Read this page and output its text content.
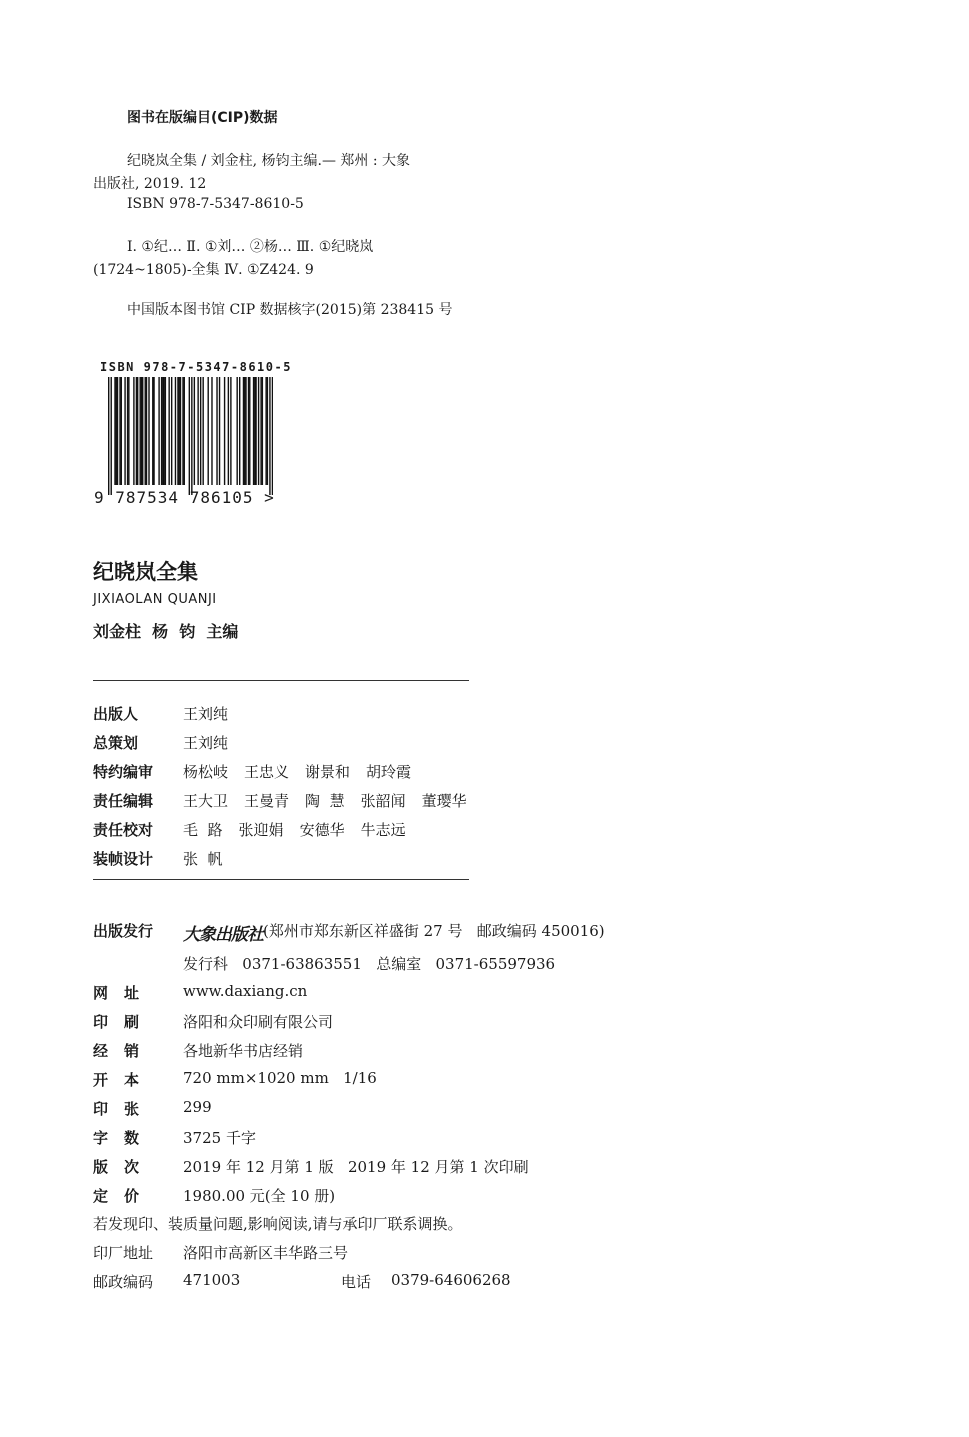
图书在版编目(CIP)数据
纪晓岚全集 / 刘金柱, 杨钧主编.— 郑州 : 大象
出版社, 2019. 12
ISBN 978-7-5347-8610-5
Ⅰ. ①纪… Ⅱ. ①刘… ②杨… Ⅲ. ①纪晓岚
(1724~1805)-全集 Ⅳ. ①Z424. 9
中国版本图书馆 CIP 数据核字(2015)第 238415 号
ISBN 978-7-5347-8610-5
9 787534 786105 >
纪晓岚全集
JIXIAOLAN QUANJI
刘金柱  杨  钧  主编
出版人	王刘纯
总策划	王刘纯
特约编审	杨松岐 王忠义 谢景和 胡玲霞
责任编辑	王大卫 王曼青 陶  慧 张韶闻 董璎华
责任校对	毛  路 张迎娟 安德华 牛志远
装帧设计	张  帆
出版发行	大象出版社 (郑州市郑东新区祥盛街 27 号   邮政编码 450016)
发行科   0371-63863551   总编室   0371-65597936
网 址	www.daxiang.cn
印 刷	洛阳和众印刷有限公司
经 销	各地新华书店经销
开 本	720 mm×1020 mm   1/16
印 张	299
字 数	3725 千字
版 次	2019 年 12 月第 1 版   2019 年 12 月第 1 次印刷
定 价	1980.00 元(全 10 册)
若发现印、装质量问题,影响阅读,请与承印厂联系调换。
印厂地址	洛阳市高新区丰华路三号
邮政编码	471003	电话	0379-64606268
